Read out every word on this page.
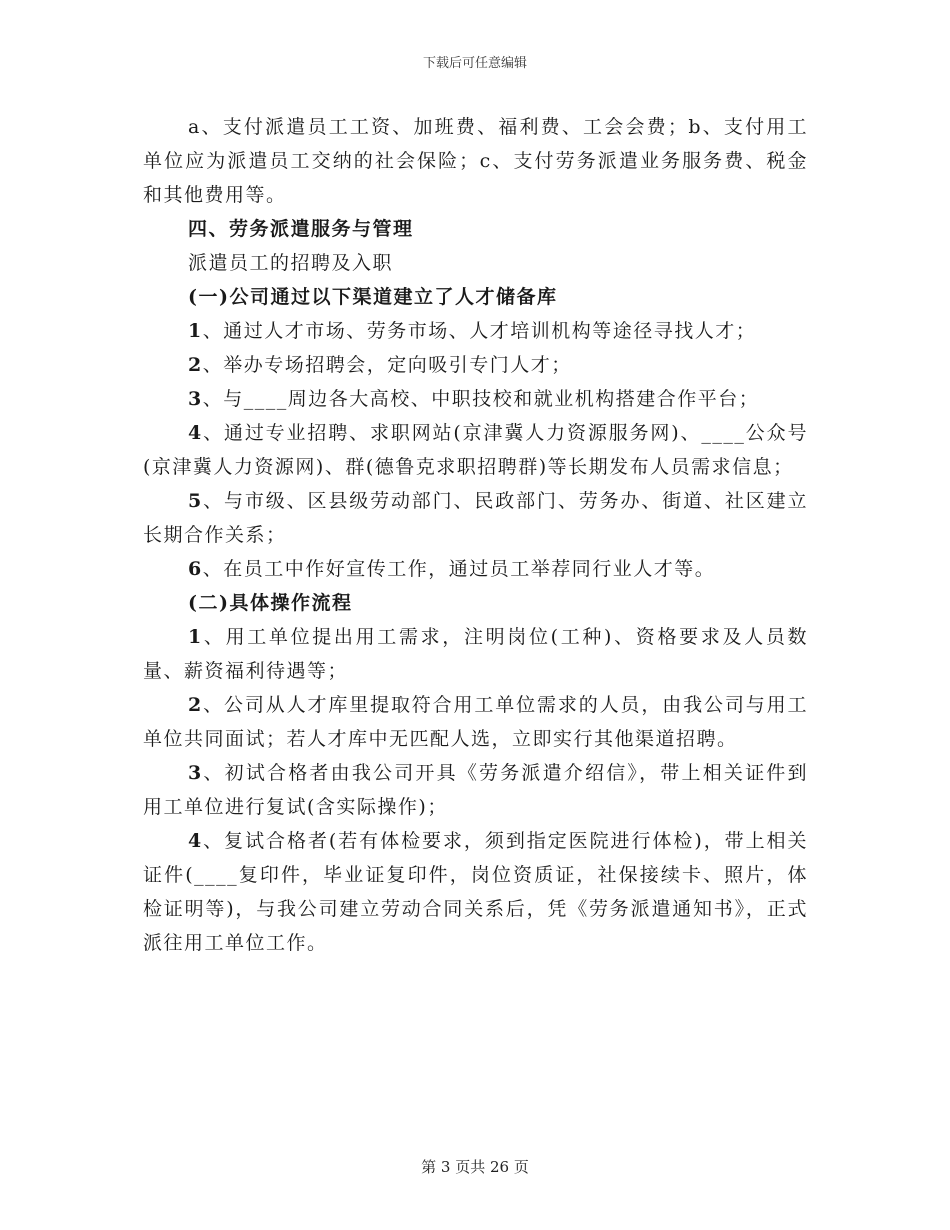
下载后可任意编辑

a、支付派遣员工工资、加班费、福利费、工会会费；b、支付用工单位应为派遣员工交纳的社会保险；c、支付劳务派遣业务服务费、税金和其他费用等。

四、劳务派遣服务与管理

派遣员工的招聘及入职

(一)公司通过以下渠道建立了人才储备库

1、通过人才市场、劳务市场、人才培训机构等途径寻找人才；

2、举办专场招聘会，定向吸引专门人才；

3、与____周边各大高校、中职技校和就业机构搭建合作平台；

4、通过专业招聘、求职网站(京津冀人力资源服务网)、____公众号(京津冀人力资源网)、群(德鲁克求职招聘群)等长期发布人员需求信息；

5、与市级、区县级劳动部门、民政部门、劳务办、街道、社区建立长期合作关系；

6、在员工中作好宣传工作，通过员工举荐同行业人才等。

(二)具体操作流程

1、用工单位提出用工需求，注明岗位(工种)、资格要求及人员数量、薪资福利待遇等；

2、公司从人才库里提取符合用工单位需求的人员，由我公司与用工单位共同面试；若人才库中无匹配人选，立即实行其他渠道招聘。

3、初试合格者由我公司开具《劳务派遣介绍信》，带上相关证件到用工单位进行复试(含实际操作)；

4、复试合格者(若有体检要求，须到指定医院进行体检)，带上相关证件(____复印件，毕业证复印件，岗位资质证，社保接续卡、照片，体检证明等)，与我公司建立劳动合同关系后，凭《劳务派遣通知书》，正式派往用工单位工作。

第 3 页共 26 页
